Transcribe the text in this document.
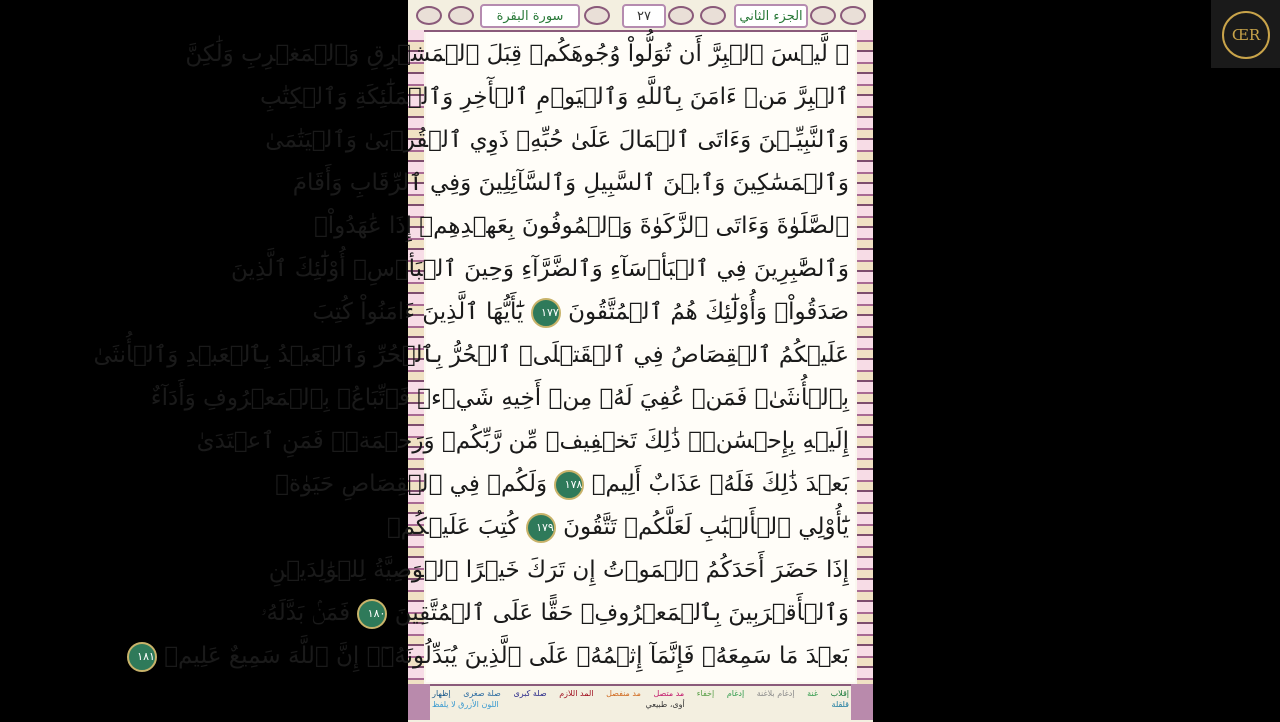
سورة البقرة	٢٧	الجزء الثاني
۞ لَّيۡسَ ٱلۡبِرَّ أَن تُوَلُّواْ وُجُوهَكُمۡ قِبَلَ ٱلۡمَشۡرِقِ وَٱلۡمَغۡرِبِ وَلَٰكِنَّ
ٱلۡبِرَّ مَنۡ ءَامَنَ بِٱللَّهِ وَٱلۡيَوۡمِ ٱلۡأٓخِرِ وَٱلۡمَلَٰٓئِكَةِ وَٱلۡكِتَٰبِ
وَٱلنَّبِيِّـۧنَ وَءَاتَى ٱلۡمَالَ عَلَىٰ حُبِّهِۦ ذَوِي ٱلۡقُرۡبَىٰ وَٱلۡيَتَٰمَىٰ
وَٱلۡمَسَٰكِينَ وَٱبۡنَ ٱلسَّبِيلِ وَٱلسَّآئِلِينَ وَفِي ٱلرِّقَابِ وَأَقَامَ
ٱلصَّلَوٰةَ وَءَاتَى ٱلزَّكَوٰةَ وَٱلۡمُوفُونَ بِعَهۡدِهِمۡ إِذَا عَٰهَدُواْۖ
وَٱلصَّٰبِرِينَ فِي ٱلۡبَأۡسَآءِ وَٱلضَّرَّآءِ وَحِينَ ٱلۡبَأۡسِۗ أُوْلَٰٓئِكَ ٱلَّذِينَ
صَدَقُواْۖ وَأُوْلَٰٓئِكَ هُمُ ٱلۡمُتَّقُونَ ١٧٧ يَٰٓأَيُّهَا ٱلَّذِينَ ءَامَنُواْ كُتِبَ
عَلَيۡكُمُ ٱلۡقِصَاصُ فِي ٱلۡقَتۡلَىۖ ٱلۡحُرُّ بِٱلۡحُرِّ وَٱلۡعَبۡدُ بِٱلۡعَبۡدِ وَٱلۡأُنثَىٰ
بِٱلۡأُنثَىٰۚ فَمَنۡ عُفِيَ لَهُۥ مِنۡ أَخِيهِ شَيۡءٞ فَٱتِّبَاعُۢ بِٱلۡمَعۡرُوفِ وَأَدَآءٌ
إِلَيۡهِ بِإِحۡسَٰنٖۗ ذَٰلِكَ تَخۡفِيفٞ مِّن رَّبِّكُمۡ وَرَحۡمَةٞۗ فَمَنِ ٱعۡتَدَىٰ
بَعۡدَ ذَٰلِكَ فَلَهُۥ عَذَابٌ أَلِيمٞ ١٧٨ وَلَكُمۡ فِي ٱلۡقِصَاصِ حَيَوٰةٞ
يَٰٓأُوْلِي ٱلۡأَلۡبَٰبِ لَعَلَّكُمۡ تَتَّقُونَ ١٧٩ كُتِبَ عَلَيۡكُمۡ
إِذَا حَضَرَ أَحَدَكُمُ ٱلۡمَوۡتُ إِن تَرَكَ خَيۡرًا ٱلۡوَصِيَّةُ لِلۡوَٰلِدَيۡنِ
وَٱلۡأَقۡرَبِينَ بِٱلۡمَعۡرُوفِۖ حَقًّا عَلَى ٱلۡمُتَّقِينَ ١٨٠ فَمَنۢ بَدَّلَهُۥ
بَعۡدَ مَا سَمِعَهُۥ فَإِنَّمَآ إِثۡمُهُۥ عَلَى ٱلَّذِينَ يُبَدِّلُونَهُۥٓۚ إِنَّ ٱللَّهَ سَمِيعٌ عَلِيمٞ ١٨١
إقلاب
غنة
إدغام بلاغنة
إدغام
إخفاء
مد متصل
مد منفصل
المد اللازم
صلة كبرى
صلة صغرى
إظهار
قلقلة
أوى، طبيعي
اللون الأزرق لا يلفظ
ŒR
